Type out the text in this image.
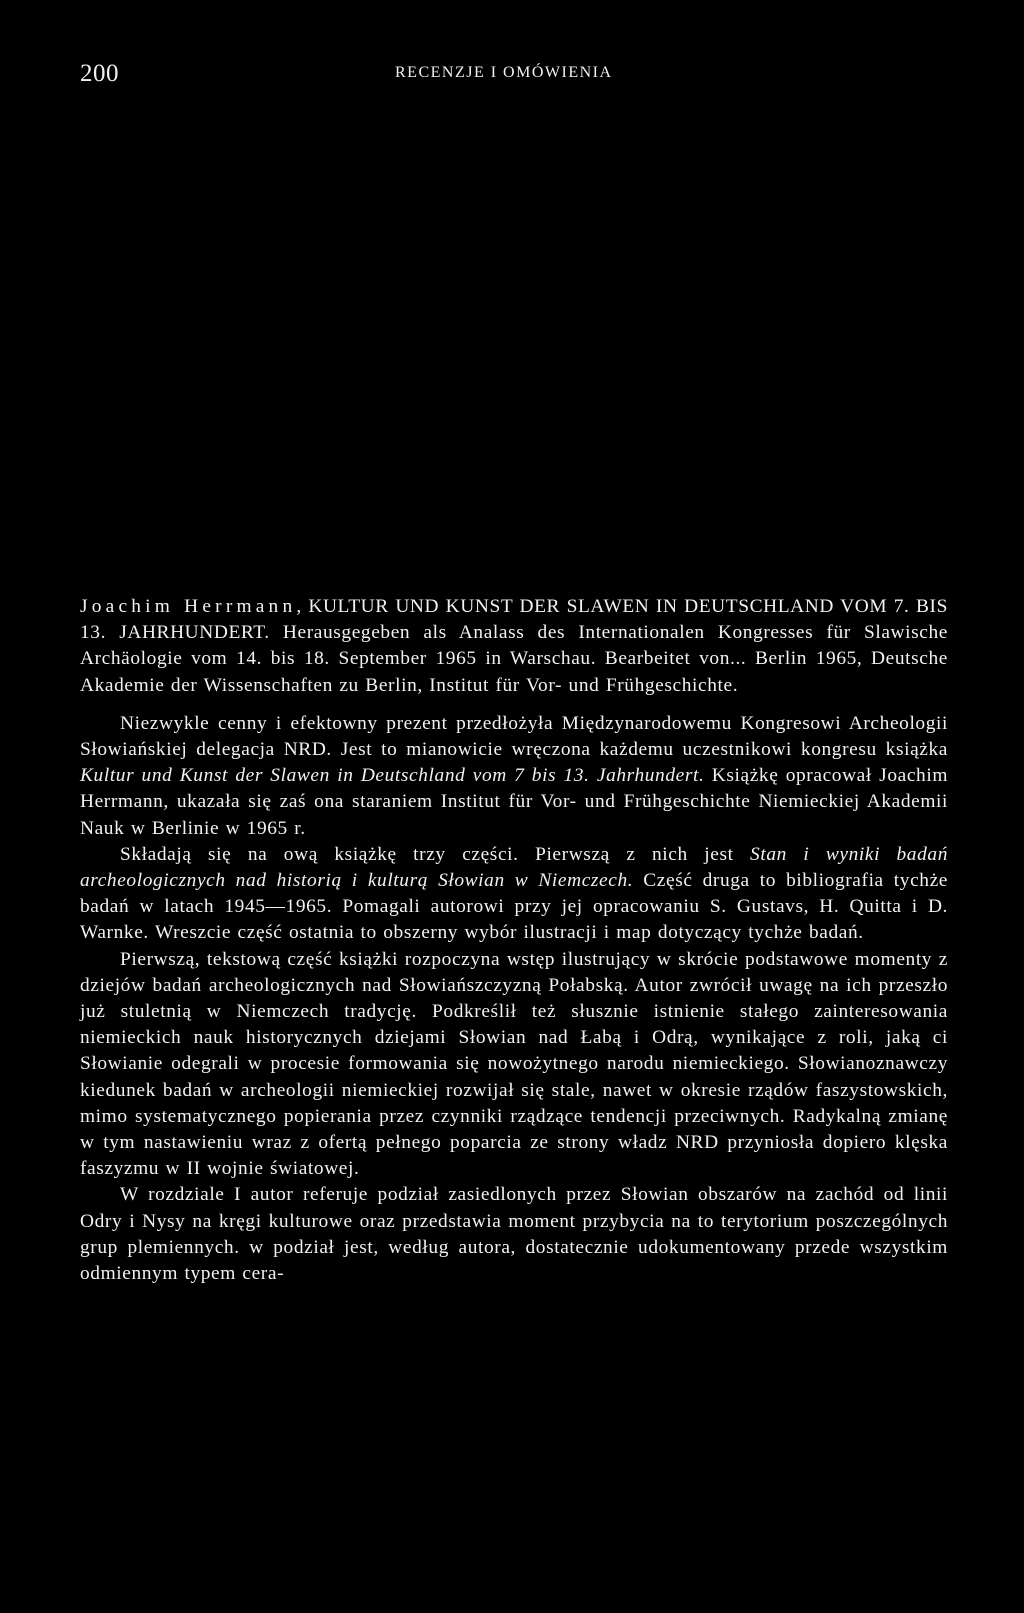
200	RECENZJE I OMÓWIENIA

Joachim Herrmann, KULTUR UND KUNST DER SLAWEN IN DEUTSCHLAND VOM 7. BIS 13. JAHRHUNDERT. Herausgegeben als Analass des Internationalen Kongresses für Slawische Archäologie vom 14. bis 18. September 1965 in Warschau. Bearbeitet von... Berlin 1965, Deutsche Akademie der Wissenschaften zu Berlin, Institut für Vor- und Frühgeschichte.

Niezwykle cenny i efektowny prezent przedłożyła Międzynarodowemu Kongresowi Archeologii Słowiańskiej delegacja NRD. Jest to mianowicie wręczona każdemu uczestnikowi kongresu książka Kultur und Kunst der Slawen in Deutschland vom 7 bis 13. Jahrhundert. Książkę opracował Joachim Herrmann, ukazała się zaś ona staraniem Institut für Vor- und Frühgeschichte Niemieckiej Akademii Nauk w Berlinie w 1965 r.

Składają się na ową książkę trzy części. Pierwszą z nich jest Stan i wyniki badań archeologicznych nad historią i kulturą Słowian w Niemczech. Część druga to bibliografia tychże badań w latach 1945—1965. Pomagali autorowi przy jej opracowaniu S. Gustavs, H. Quitta i D. Warnke. Wreszcie część ostatnia to obszerny wybór ilustracji i map dotyczący tychże badań.

Pierwszą, tekstową część książki rozpoczyna wstęp ilustrujący w skrócie podstawowe momenty z dziejów badań archeologicznych nad Słowiańszczyzną Połabską. Autor zwrócił uwagę na ich przeszło już stuletnią w Niemczech tradycję. Podkreślił też słusznie istnienie stałego zainteresowania niemieckich nauk historycznych dziejami Słowian nad Łabą i Odrą, wynikające z roli, jaką ci Słowianie odegrali w procesie formowania się nowożytnego narodu niemieckiego. Słowianoznawczy kiedunek badań w archeologii niemieckiej rozwijał się stale, nawet w okresie rządów faszystowskich, mimo systematycznego popierania przez czynniki rządzące tendencji przeciwnych. Radykalną zmianę w tym nastawieniu wraz z ofertą pełnego poparcia ze strony władz NRD przyniosła dopiero klęska faszyzmu w II wojnie światowej.

W rozdziale I autor referuje podział zasiedlonych przez Słowian obszarów na zachód od linii Odry i Nysy na kręgi kulturowe oraz przedstawia moment przybycia na to terytorium poszczególnych grup plemiennych. w podział jest, według autora, dostatecznie udokumentowany przede wszystkim odmiennym typem cera-
